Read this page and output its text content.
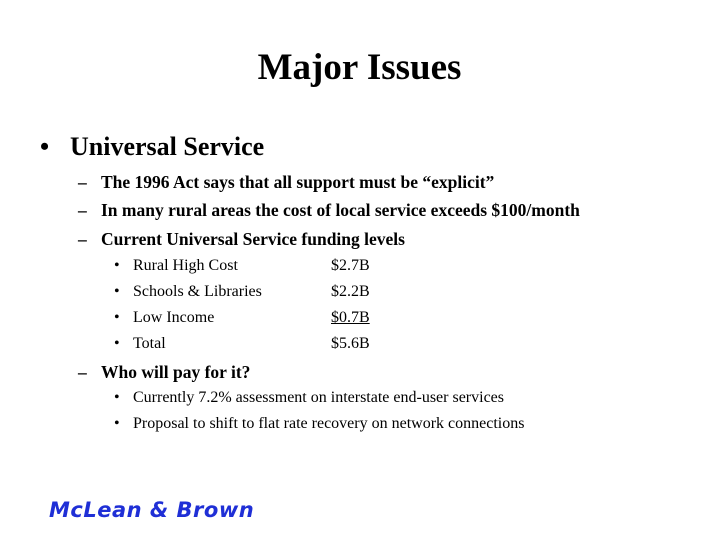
Major Issues
• Universal Service
– The 1996 Act says that all support must be “explicit”
– In many rural areas the cost of local service exceeds $100/month
– Current Universal Service funding levels
• Rural High Cost	$2.7B
• Schools & Libraries	$2.2B
• Low Income	$0.7B
• Total	$5.6B
– Who will pay for it?
• Currently 7.2% assessment on interstate end-user services
• Proposal to shift to flat rate recovery on network connections
McLean & Brown
